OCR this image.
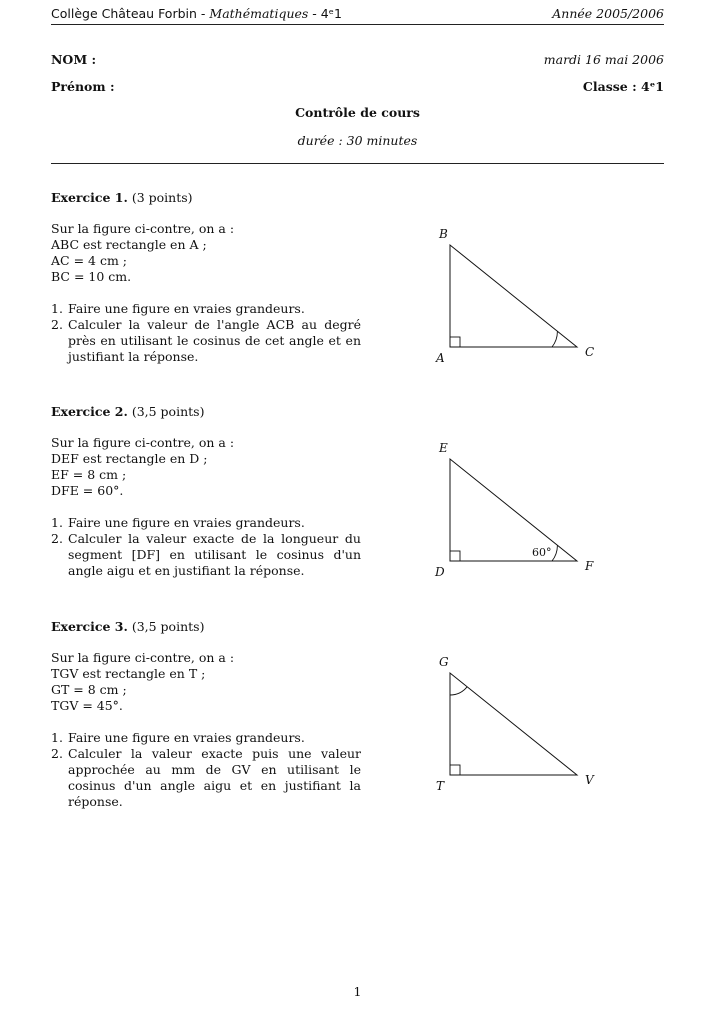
Collège Château Forbin - Mathématiques - 4ᵉ1	Année 2005/2006
NOM :	mardi 16 mai 2006
Prénom :	Classe : 4ᵉ1
Contrôle de cours
durée : 30 minutes
Exercice 1. (3 points)
Sur la figure ci-contre, on a :
ABC est rectangle en A ;
AC = 4 cm ;
BC = 10 cm.
1. Faire une figure en vraies grandeurs.
2. Calculer la valeur de l'angle ACB au degré près en utilisant le cosinus de cet angle et en justifiant la réponse.
B
A	C
Exercice 2. (3,5 points)
Sur la figure ci-contre, on a :
DEF est rectangle en D ;
EF = 8 cm ;
DFE = 60°.
1. Faire une figure en vraies grandeurs.
2. Calculer la valeur exacte de la longueur du segment [DF] en utilisant le cosinus d'un angle aigu et en justifiant la réponse.
60°
E
D	F
Exercice 3. (3,5 points)
Sur la figure ci-contre, on a :
TGV est rectangle en T ;
GT = 8 cm ;
TGV = 45°.
1. Faire une figure en vraies grandeurs.
2. Calculer la valeur exacte puis une valeur approchée au mm de GV en utilisant le cosinus d'un angle aigu et en justifiant la réponse.
G
T	V
1
